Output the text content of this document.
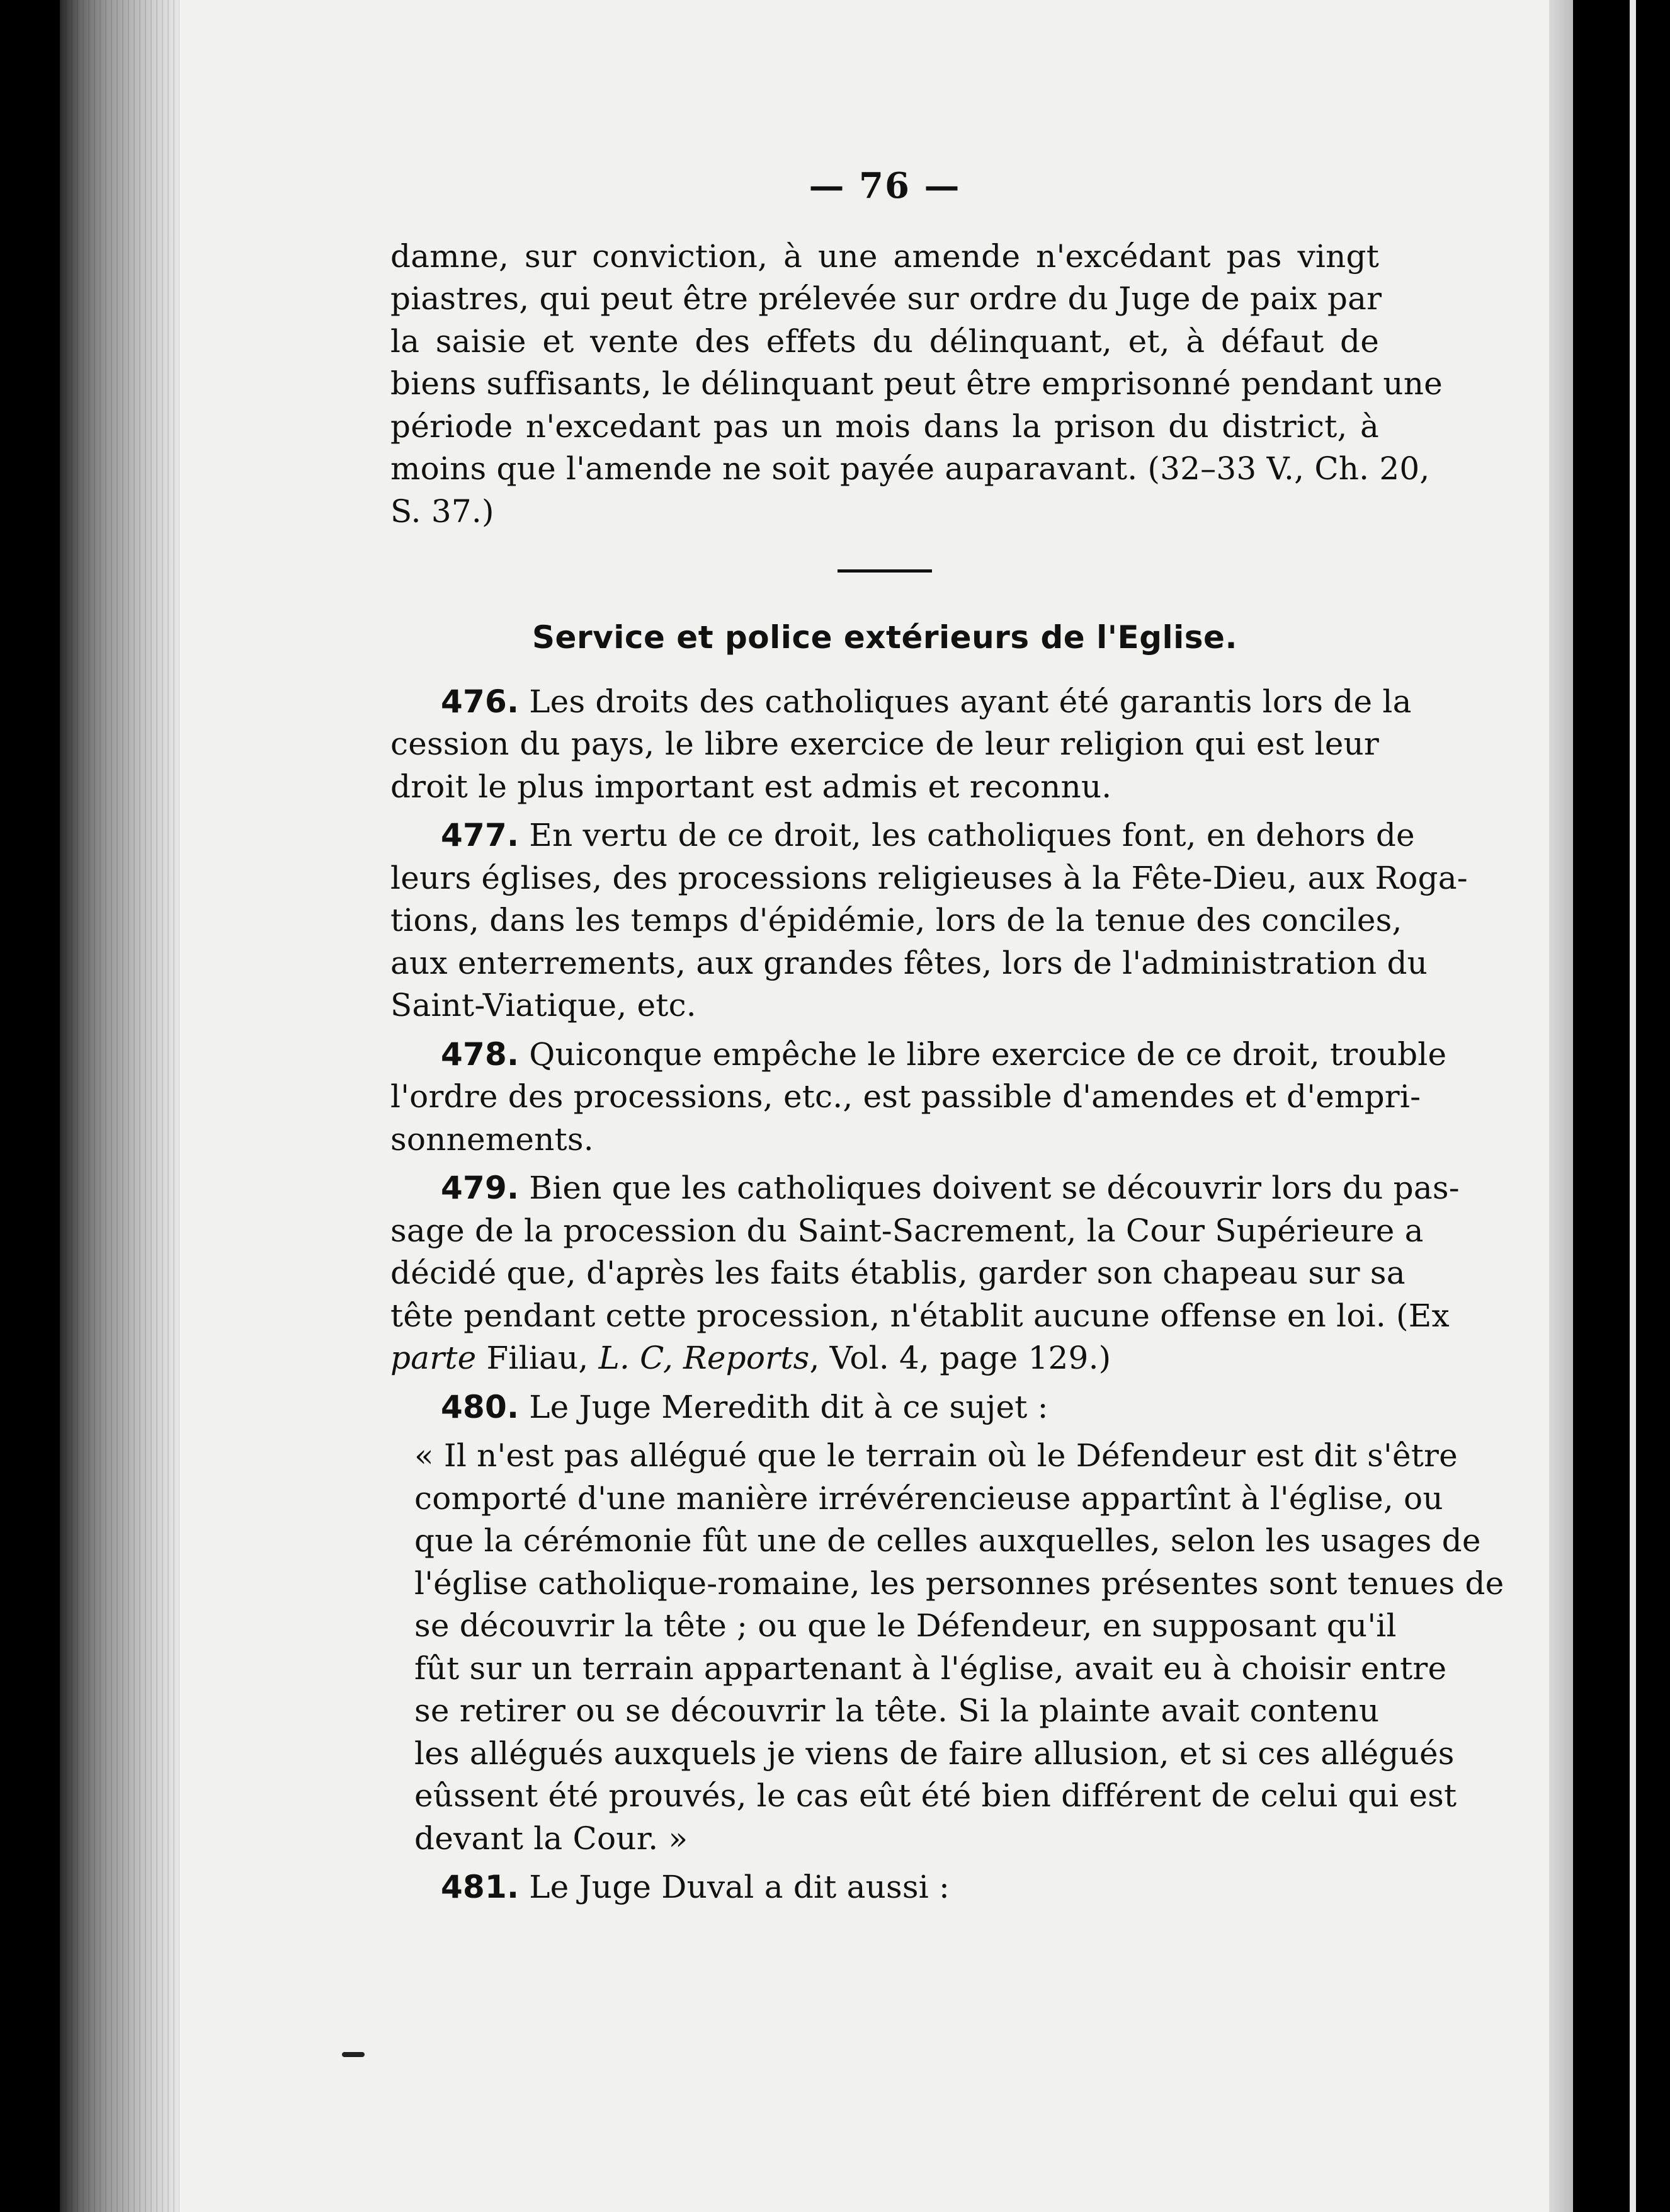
— 76 —
damne, sur conviction, à une amende n'excédant pas vingt
piastres, qui peut être prélevée sur ordre du Juge de paix par
la saisie et vente des effets du délinquant, et, à défaut de
biens suffisants, le délinquant peut être emprisonné pendant une
période n'excedant pas un mois dans la prison du district, à
moins que l'amende ne soit payée auparavant. (32–33 V., Ch. 20,
S. 37.)
Service et police extérieurs de l'Eglise.
476. Les droits des catholiques ayant été garantis lors de la
cession du pays, le libre exercice de leur religion qui est leur
droit le plus important est admis et reconnu.
477. En vertu de ce droit, les catholiques font, en dehors de
leurs églises, des processions religieuses à la Fête-Dieu, aux Roga-
tions, dans les temps d'épidémie, lors de la tenue des conciles,
aux enterrements, aux grandes fêtes, lors de l'administration du
Saint-Viatique, etc.
478. Quiconque empêche le libre exercice de ce droit, trouble
l'ordre des processions, etc., est passible d'amendes et d'empri-
sonnements.
479. Bien que les catholiques doivent se découvrir lors du pas-
sage de la procession du Saint-Sacrement, la Cour Supérieure a
décidé que, d'après les faits établis, garder son chapeau sur sa
tête pendant cette procession, n'établit aucune offense en loi. (Ex
parte Filiau, L. C, Reports, Vol. 4, page 129.)
480. Le Juge Meredith dit à ce sujet :
« Il n'est pas allégué que le terrain où le Défendeur est dit s'être
comporté d'une manière irrévérencieuse appartînt à l'église, ou
que la cérémonie fût une de celles auxquelles, selon les usages de
l'église catholique-romaine, les personnes présentes sont tenues de
se découvrir la tête ; ou que le Défendeur, en supposant qu'il
fût sur un terrain appartenant à l'église, avait eu à choisir entre
se retirer ou se découvrir la tête. Si la plainte avait contenu
les allégués auxquels je viens de faire allusion, et si ces allégués
eûssent été prouvés, le cas eût été bien différent de celui qui est
devant la Cour. »
481. Le Juge Duval a dit aussi :
